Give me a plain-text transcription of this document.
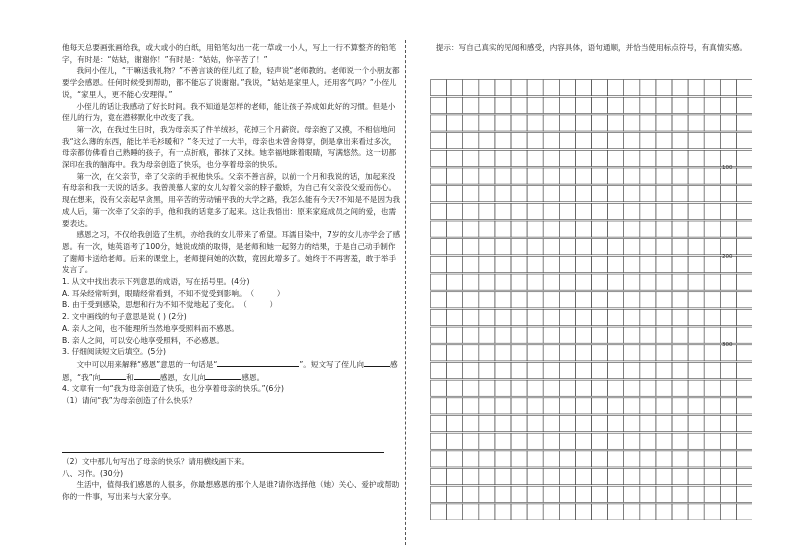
他每天总要画张画给我，或大或小的白纸，用铅笔勾出一花一草或一小人，写上一行不算整齐的铅笔字，有时是：“姑姑，谢谢你！”有时是：“姑姑，你辛苦了！”

我问小侄儿，“干嘛送我礼物？”不善言谈的侄儿红了脸，轻声说“老师教的。老师说一个小朋友都要学会感恩。任何时候受到帮助，都不能忘了说谢谢。”我说，“姑姑是家里人，还用客气吗？”小侄儿说，“家里人，更不能心安理得。”

小侄儿的话让我感动了好长时间。我不知道是怎样的老师，能让孩子养成如此好的习惯。但是小侄儿的行为，竟在潜移默化中改变了我。

第一次，在我过生日时，我为母亲买了件羊绒衫，花掉三个月薪资。母亲抱了又摸，不相信地问我“这么薄的东西，能比羊毛衫暖和？”冬天过了一大半，母亲也未曾舍得穿，倒是拿出来看过多次，母亲都仿佛看自己熟睡的孩子，有一点折痕，都抹了又抹。她幸福地眯着眼睛，写满悠然。这一切都深印在我的脑海中。我为母亲创造了快乐，也分享着母亲的快乐。

第一次，在父亲节，牵了父亲的手祝他快乐。父亲不善言辞，以前一个月和我说的话，加起来没有母亲和我一天说的话多。我曾羡慕人家的女儿勾着父亲的脖子撒娇，为自己有父亲没父爱而伤心。现在想来，没有父亲起早贪黑，用辛苦的劳动铺平我的大学之路，我怎么能有今天?不知是不是因为我成人后，第一次牵了父亲的手，他和我的话竟多了起来。这让我悟出：原来家庭成员之间的爱，也需要表达。

感恩之习，不仅给我创造了生机，亦给我的女儿带来了希望。耳濡目染中，7岁的女儿亦学会了感恩。有一次，她英语考了100分，她说成绩的取得，是老师和她一起努力的结果，于是自己动手制作了谢师卡送给老师。后来的课堂上，老师提问她的次数，竟因此增多了。她终于不再害羞，敢于举手发言了。

1. 从文中找出表示下列意思的成语，写在括号里。(4分)

A. 耳朵经常听到，眼睛经常看到，不知不觉受到影响。（　　　）

B. 由于受到感染，思想和行为不知不觉地起了变化。（　　　）

2. 文中画线的句子意思是说 ( ) (2分)

A. 亲人之间，也不能理所当然地享受照料而不感恩。

B. 亲人之间，可以安心地享受照料，不必感恩。

3. 仔细阅读短文后填空。(5分)

文中可以用来解释“感恩”意思的一句话是“	”。短文写了侄儿向	感恩，“我”向	和	感恩，女儿向	感恩。

4. 文章有一句“我为母亲创造了快乐，也分享着母亲的快乐。”(6分)

（1）请问“我”为母亲创造了什么快乐？

（2）文中那儿句写出了母亲的快乐？请用横线画下来。

八、习作。(30分)

生活中，值得我们感恩的人很多，你最想感恩的那个人是谁?请你选择他（她）关心、爱护或帮助你的一件事，写出来与大家分享。

提示：写自己真实的见闻和感受，内容具体，语句通顺，并恰当使用标点符号，有真情实感。

100
200
300
